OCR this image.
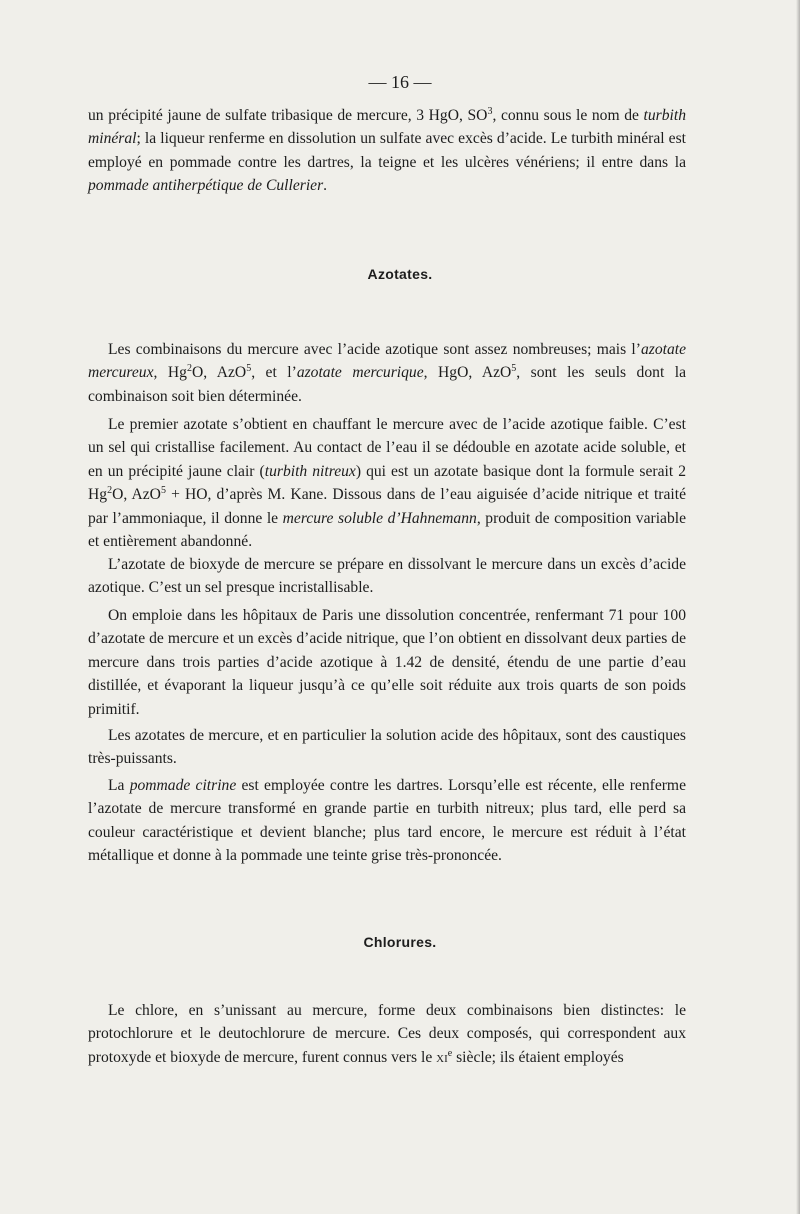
— 16 —

un précipité jaune de sulfate tribasique de mercure, 3 HgO, $SO^3$, connu sous le nom de turbith minéral; la liqueur renferme en dissolution un sulfate avec excès d’acide. Le turbith minéral est employé en pommade contre les dartres, la teigne et les ulcères vénériens; il entre dans la pommade antiherpétique de Cullerier.

Azotates.

Les combinaisons du mercure avec l’acide azotique sont assez nombreuses; mais l’azotate mercureux, Hg$^2$O, AzO$^5$, et l’azotate mercurique, HgO, AzO$^5$, sont les seuls dont la combinaison soit bien déterminée.

Le premier azotate s’obtient en chauffant le mercure avec de l’acide azotique faible. C’est un sel qui cristallise facilement. Au contact de l’eau il se dédouble en azotate acide soluble, et en un précipité jaune clair (turbith nitreux) qui est un azotate basique dont la formule serait 2 Hg$^2$O, AzO$^5$ + HO, d’après M. Kane. Dissous dans de l’eau aiguisée d’acide nitrique et traité par l’ammoniaque, il donne le mercure soluble d’Hahnemann, produit de composition variable et entièrement abandonné.

L’azotate de bioxyde de mercure se prépare en dissolvant le mercure dans un excès d’acide azotique. C’est un sel presque incristallisable.

On emploie dans les hôpitaux de Paris une dissolution concentrée, renfermant 71 pour 100 d’azotate de mercure et un excès d’acide nitrique, que l’on obtient en dissolvant deux parties de mercure dans trois parties d’acide azotique à 1.42 de densité, étendu de une partie d’eau distillée, et évaporant la liqueur jusqu’à ce qu’elle soit réduite aux trois quarts de son poids primitif.

Les azotates de mercure, et en particulier la solution acide des hôpitaux, sont des caustiques très-puissants.

La pommade citrine est employée contre les dartres. Lorsqu’elle est récente, elle renferme l’azotate de mercure transformé en grande partie en turbith nitreux; plus tard, elle perd sa couleur caractéristique et devient blanche; plus tard encore, le mercure est réduit à l’état métallique et donne à la pommade une teinte grise très-prononcée.

Chlorures.

Le chlore, en s’unissant au mercure, forme deux combinaisons bien distinctes: le protochlorure et le deutochlorure de mercure. Ces deux composés, qui correspondent aux protoxyde et bioxyde de mercure, furent connus vers le $xi^e$ siècle; ils étaient employés
